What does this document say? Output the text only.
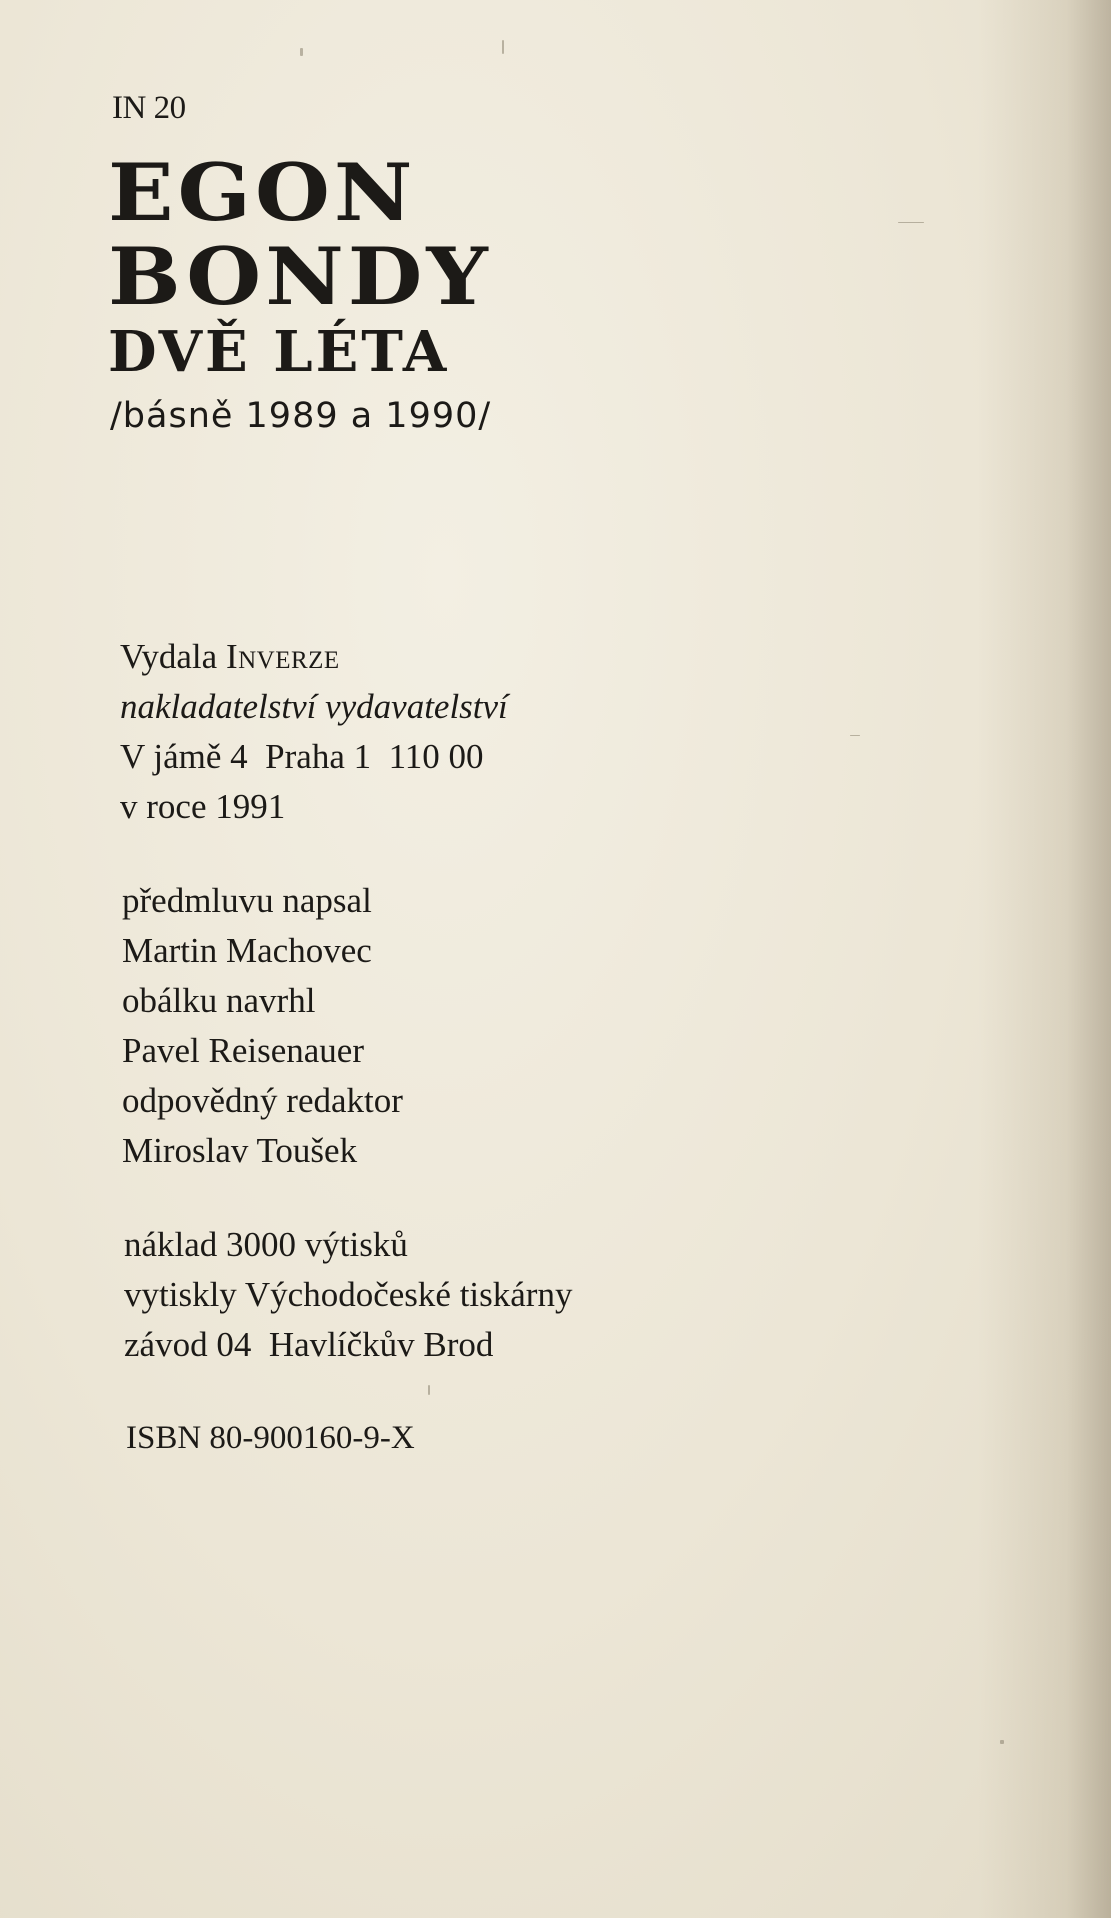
IN 20
EGON
BONDY
DVĚ LÉTA
/básně 1989 a 1990/
Vydala Inverze
nakladatelství vydavatelství
V jámě 4  Praha 1  110 00
v roce 1991
předmluvu napsal
Martin Machovec
obálku navrhl
Pavel Reisenauer
odpovědný redaktor
Miroslav Toušek
náklad 3000 výtisků
vytiskly Východočeské tiskárny
závod 04  Havlíčkův Brod
ISBN 80-900160-9-X
